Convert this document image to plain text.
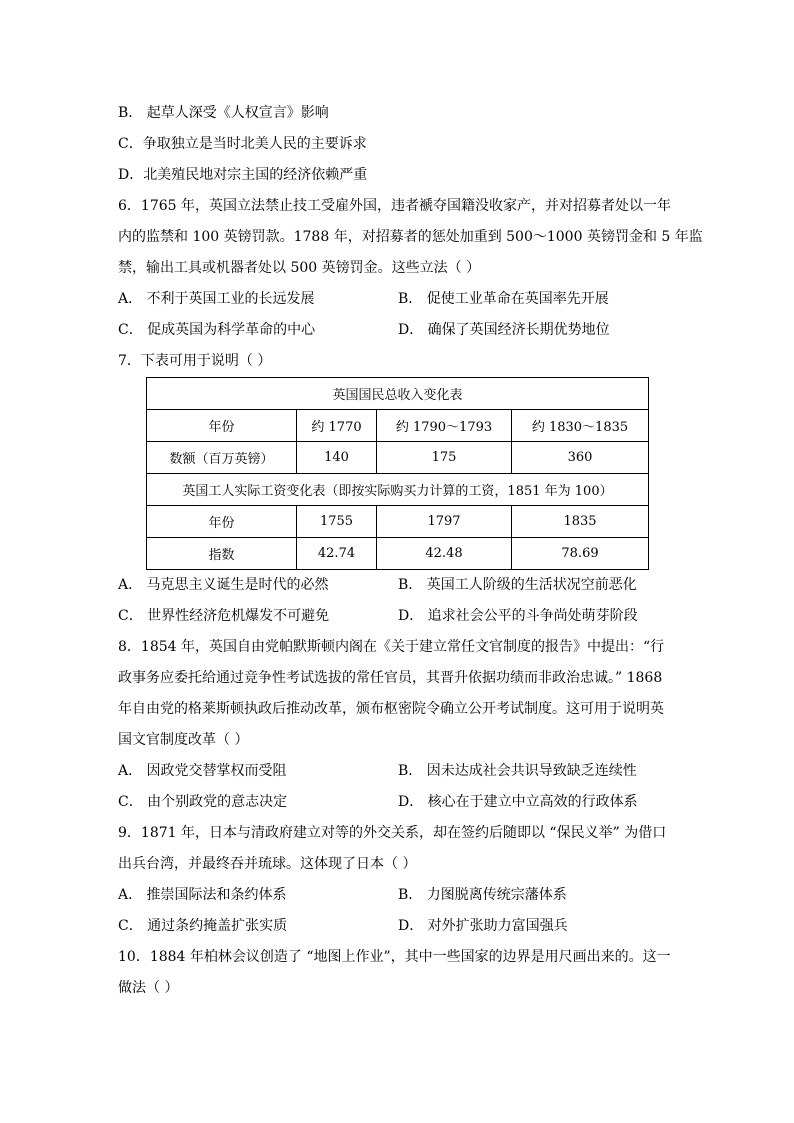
B． 起草人深受《人权宣言》影响
C．争取独立是当时北美人民的主要诉求
D．北美殖民地对宗主国的经济依赖严重
6．1765 年，英国立法禁止技工受雇外国，违者褫夺国籍没收家产，并对招募者处以一年
内的监禁和 100 英镑罚款。1788 年，对招募者的惩处加重到 500～1000 英镑罚金和 5 年监
禁，输出工具或机器者处以 500 英镑罚金。这些立法（ ）
A． 不利于英国工业的长远发展	B． 促使工业革命在英国率先开展
C． 促成英国为科学革命的中心	D． 确保了英国经济长期优势地位
7．下表可用于说明（ ）
英国国民总收入变化表			
年份	约 1770	约 1790～1793	约 1830～1835
数额（百万英镑）	140	175	360
英国工人实际工资变化表（即按实际购买力计算的工资，1851 年为 100）			
年份	1755	1797	1835
指数	42.74	42.48	78.69
A． 马克思主义诞生是时代的必然	B． 英国工人阶级的生活状况空前恶化
C． 世界性经济危机爆发不可避免	D． 追求社会公平的斗争尚处萌芽阶段
8．1854 年，英国自由党帕默斯顿内阁在《关于建立常任文官制度的报告》中提出：“行
政事务应委托给通过竞争性考试选拔的常任官员，其晋升依据功绩而非政治忠诚。” 1868
年自由党的格莱斯顿执政后推动改革，颁布枢密院令确立公开考试制度。这可用于说明英
国文官制度改革（ ）
A． 因政党交替掌权而受阻	B． 因未达成社会共识导致缺乏连续性
C． 由个别政党的意志决定	D． 核心在于建立中立高效的行政体系
9．1871 年，日本与清政府建立对等的外交关系，却在签约后随即以 “保民义举” 为借口
出兵台湾，并最终吞并琉球。这体现了日本（ ）
A． 推崇国际法和条约体系	B． 力图脱离传统宗藩体系
C． 通过条约掩盖扩张实质	D． 对外扩张助力富国强兵
10．1884 年柏林会议创造了 “地图上作业”，其中一些国家的边界是用尺画出来的。这一
做法（ ）
